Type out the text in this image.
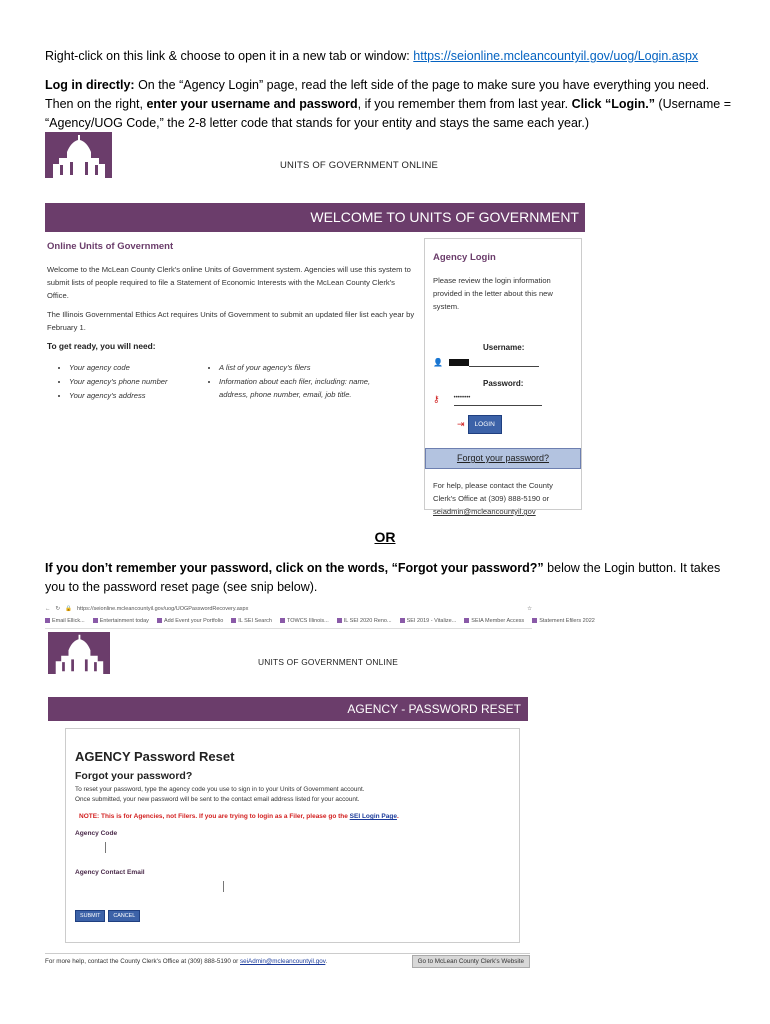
Right-click on this link & choose to open it in a new tab or window: https://seionline.mcleancountyil.gov/uog/Login.aspx
Log in directly: On the “Agency Login” page, read the left side of the page to make sure you have everything you need. Then on the right, enter your username and password, if you remember them from last year. Click “Login.” (Username = “Agency/UOG Code,” the 2-8 letter code that stands for your entity and stays the same each year.)
UNITS OF GOVERNMENT ONLINE
WELCOME TO UNITS OF GOVERNMENT
Online Units of Government

Welcome to the McLean County Clerk's online Units of Government system. Agencies will use this system to submit lists of people required to file a Statement of Economic Interests with the McLean County Clerk's Office.

The Illinois Governmental Ethics Act requires Units of Government to submit an updated filer list each year by February 1.

To get ready, you will need:
• Your agency code
• Your agency's phone number
• Your agency's address
• A list of your agency's filers
• Information about each filer, including: name, address, phone number, email, job title.
Agency Login
Please review the login information provided in the letter about this new system.
Username:
👤
Password:
⚷ ••••••••
⇥	LOGIN
Forgot your password?
For help, please contact the County Clerk's Office at (309) 888-5190 or
seiadmin@mcleancountyil.gov
OR
If you don’t remember your password, click on the words, “Forgot your password?” below the Login button. It takes you to the password reset page (see snip below).
← ↻ 🔒 https://seionline.mcleancountyil.gov/uog/UOGPasswordRecovery.aspx	☆
Email Ellick...	Entertainment today	Add Event your Portfolio	IL SEI Search	TOWCS Illinois...	IL SEI 2020 Reno...	SEI 2019 - Vitalize...	SEIA Member Access	Statement Efilers 2022
UNITS OF GOVERNMENT ONLINE
AGENCY - PASSWORD RESET
AGENCY Password Reset
Forgot your password?
To reset your password, type the agency code you use to sign in to your Units of Government account.
Once submitted, your new password will be sent to the contact email address listed for your account.
NOTE: This is for Agencies, not Filers. If you are trying to login as a Filer, please go the SEI Login Page.
Agency Code
Agency Contact Email
SUBMIT	CANCEL
For more help, contact the County Clerk's Office at (309) 888-5190 or seiAdmin@mcleancountyil.gov.	Go to McLean County Clerk's Website
